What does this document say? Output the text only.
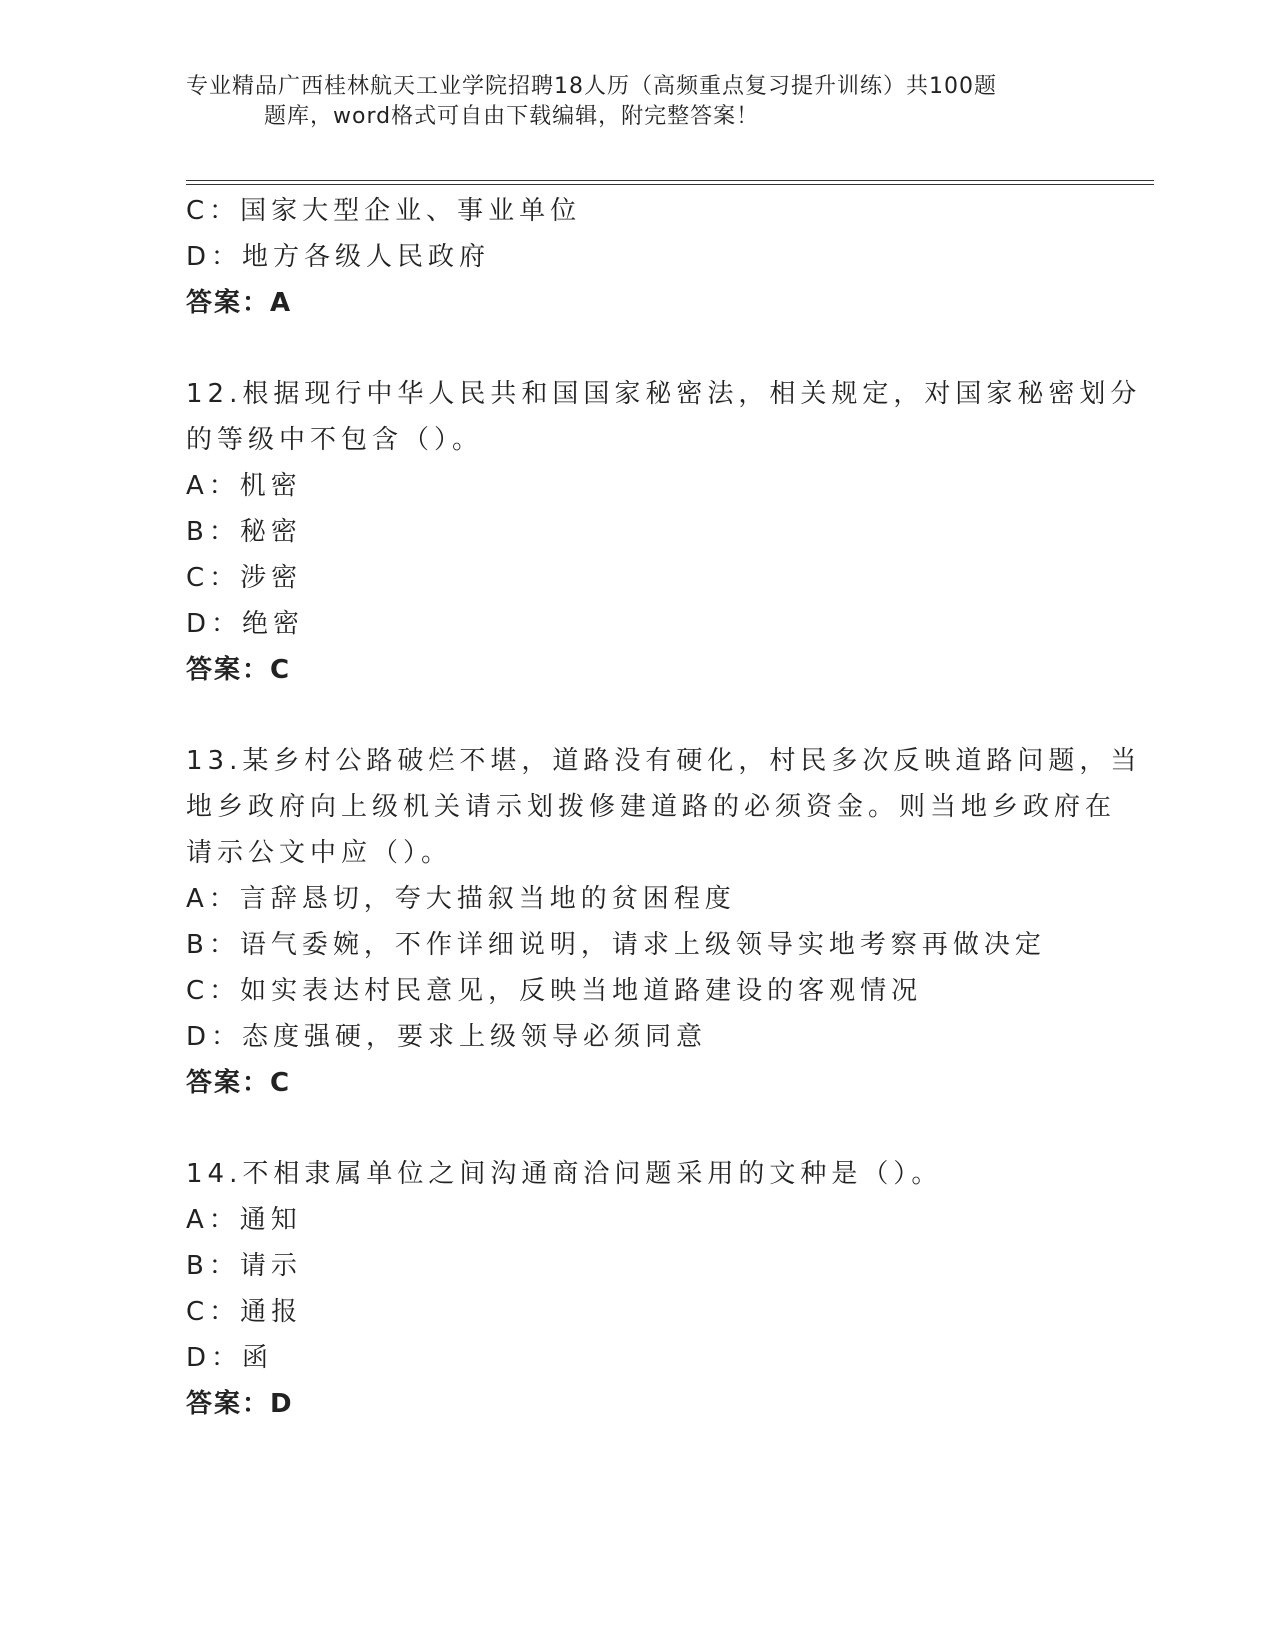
专业精品广西桂林航天工业学院招聘18人历（高频重点复习提升训练）共100题
题库，word格式可自由下载编辑，附完整答案！
C：国家大型企业、事业单位
D：地方各级人民政府
答案：A
12.根据现行中华人民共和国国家秘密法，相关规定，对国家秘密划分
的等级中不包含（）。
A：机密
B：秘密
C：涉密
D：绝密
答案：C
13.某乡村公路破烂不堪，道路没有硬化，村民多次反映道路问题，当
地乡政府向上级机关请示划拨修建道路的必须资金。则当地乡政府在
请示公文中应（）。
A：言辞恳切，夸大描叙当地的贫困程度
B：语气委婉，不作详细说明，请求上级领导实地考察再做决定
C：如实表达村民意见，反映当地道路建设的客观情况
D：态度强硬，要求上级领导必须同意
答案：C
14.不相隶属单位之间沟通商洽问题采用的文种是（）。
A：通知
B：请示
C：通报
D：函
答案：D
